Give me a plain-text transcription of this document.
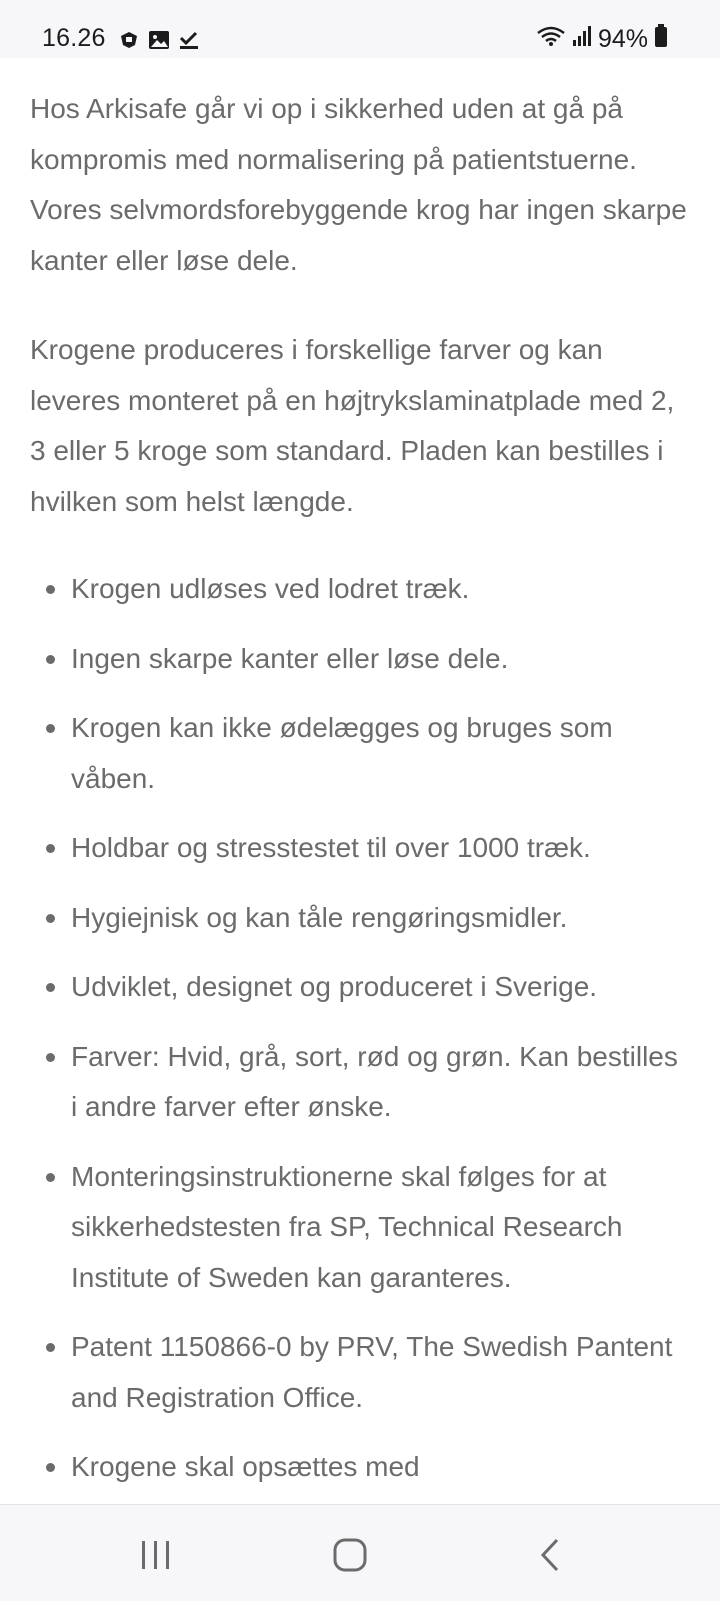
16.26	94%

Hos Arkisafe går vi op i sikkerhed uden at gå på kompromis med normalisering på patientstuerne. Vores selvmordsforebyggende krog har ingen skarpe kanter eller løse dele.

Krogene produceres i forskellige farver og kan leveres monteret på en højtrykslaminatplade med 2, 3 eller 5 kroge som standard. Pladen kan bestilles i hvilken som helst længde.

Krogen udløses ved lodret træk.
Ingen skarpe kanter eller løse dele.
Krogen kan ikke ødelægges og bruges som våben.
Holdbar og stresstestet til over 1000 træk.
Hygiejnisk og kan tåle rengøringsmidler.
Udviklet, designet og produceret i Sverige.
Farver: Hvid, grå, sort, rød og grøn. Kan bestilles i andre farver efter ønske.
Monteringsinstruktionerne skal følges for at sikkerhedstesten fra SP, Technical Research Institute of Sweden kan garanteres.
Patent 1150866-0 by PRV, The Swedish Pantent and Registration Office.
Krogene skal opsættes med
